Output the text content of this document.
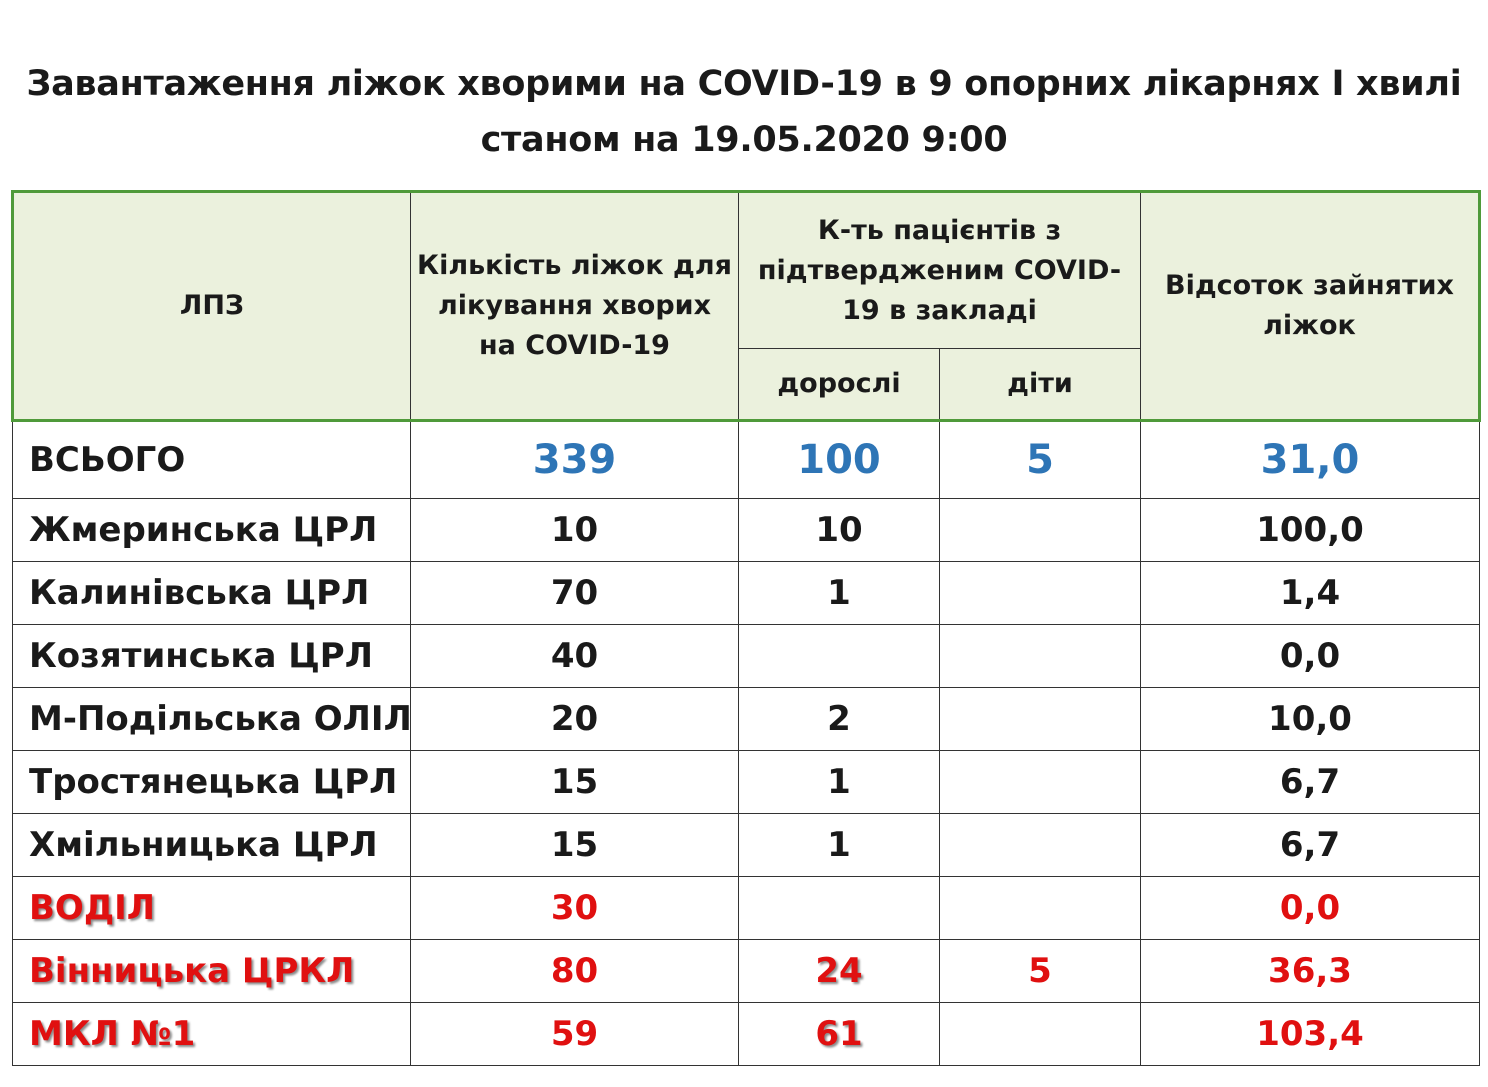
Завантаження ліжок хворими на COVID-19 в 9 опорних лікарнях І хвилі
станом на 19.05.2020 9:00
ЛПЗ	Кількість ліжок для лікування хворих на COVID-19	К-ть пацієнтів з підтвердженим COVID-19 в закладі		Відсоток зайнятих ліжок
		дорослі	діти	
ВСЬОГО	339	100	5	31,0
Жмеринська ЦРЛ	10	10		100,0
Калинівська ЦРЛ	70	1		1,4
Козятинська ЦРЛ	40			0,0
М-Подільська ОЛІЛ	20	2		10,0
Тростянецька ЦРЛ	15	1		6,7
Хмільницька ЦРЛ	15	1		6,7
ВОДІЛ	30			0,0
Вінницька ЦРКЛ	80	24	5	36,3
МКЛ №1	59	61		103,4
